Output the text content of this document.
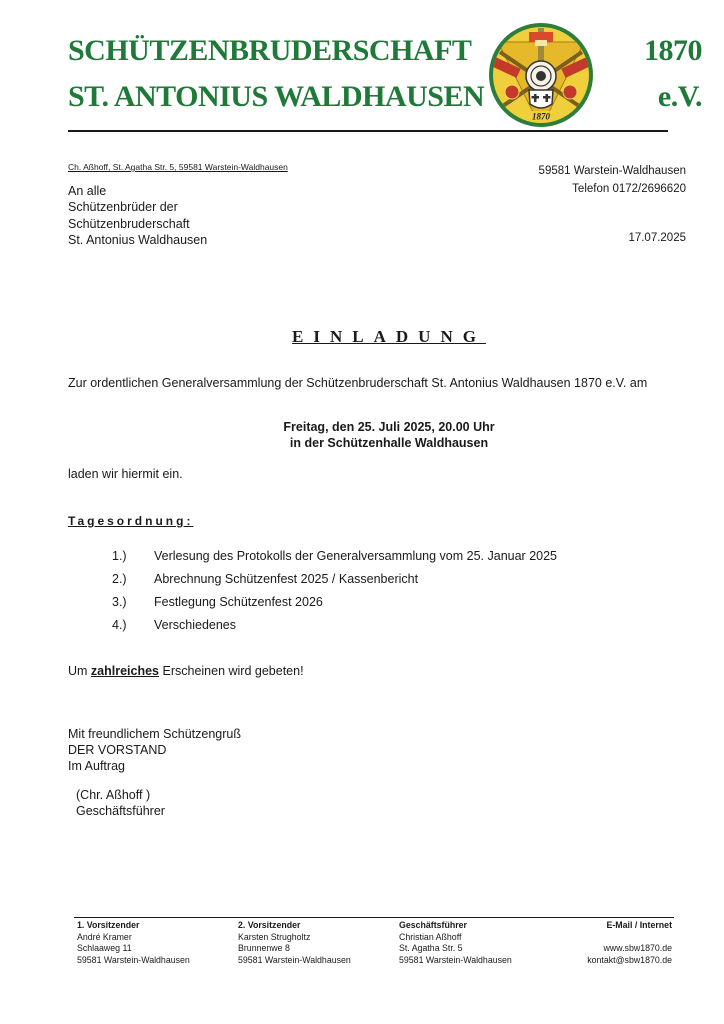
SCHÜTZENBRUDERSCHAFT
ST. ANTONIUS WALDHAUSEN
1870
e.V.
1870
Ch. Aßhoff, St. Agatha Str. 5, 59581 Warstein-Waldhausen
An alle
Schützenbrüder der
Schützenbruderschaft
St. Antonius Waldhausen
59581 Warstein-Waldhausen
Telefon 0172/2696620
17.07.2025
EINLADUNG
Zur ordentlichen Generalversammlung der Schützenbruderschaft St. Antonius Waldhausen 1870 e.V. am
Freitag, den 25. Juli 2025, 20.00 Uhr
in der Schützenhalle Waldhausen
laden wir hiermit ein.
Tagesordnung:
1.)	Verlesung des Protokolls der Generalversammlung vom 25. Januar 2025
2.)	Abrechnung Schützenfest 2025 / Kassenbericht
3.)	Festlegung Schützenfest 2026
4.)	Verschiedenes
Um zahlreiches Erscheinen wird gebeten!
Mit freundlichem Schützengruß
DER VORSTAND
Im Auftrag
(Chr. Aßhoff )
Geschäftsführer
1. Vorsitzender
André Kramer
Schlaaweg 11
59581 Warstein-Waldhausen
2. Vorsitzender
Karsten Strugholtz
Brunnenwe 8
59581 Warstein-Waldhausen
Geschäftsführer
Christian Aßhoff
St. Agatha Str. 5
59581 Warstein-Waldhausen
E-Mail / Internet

www.sbw1870.de
kontakt@sbw1870.de
